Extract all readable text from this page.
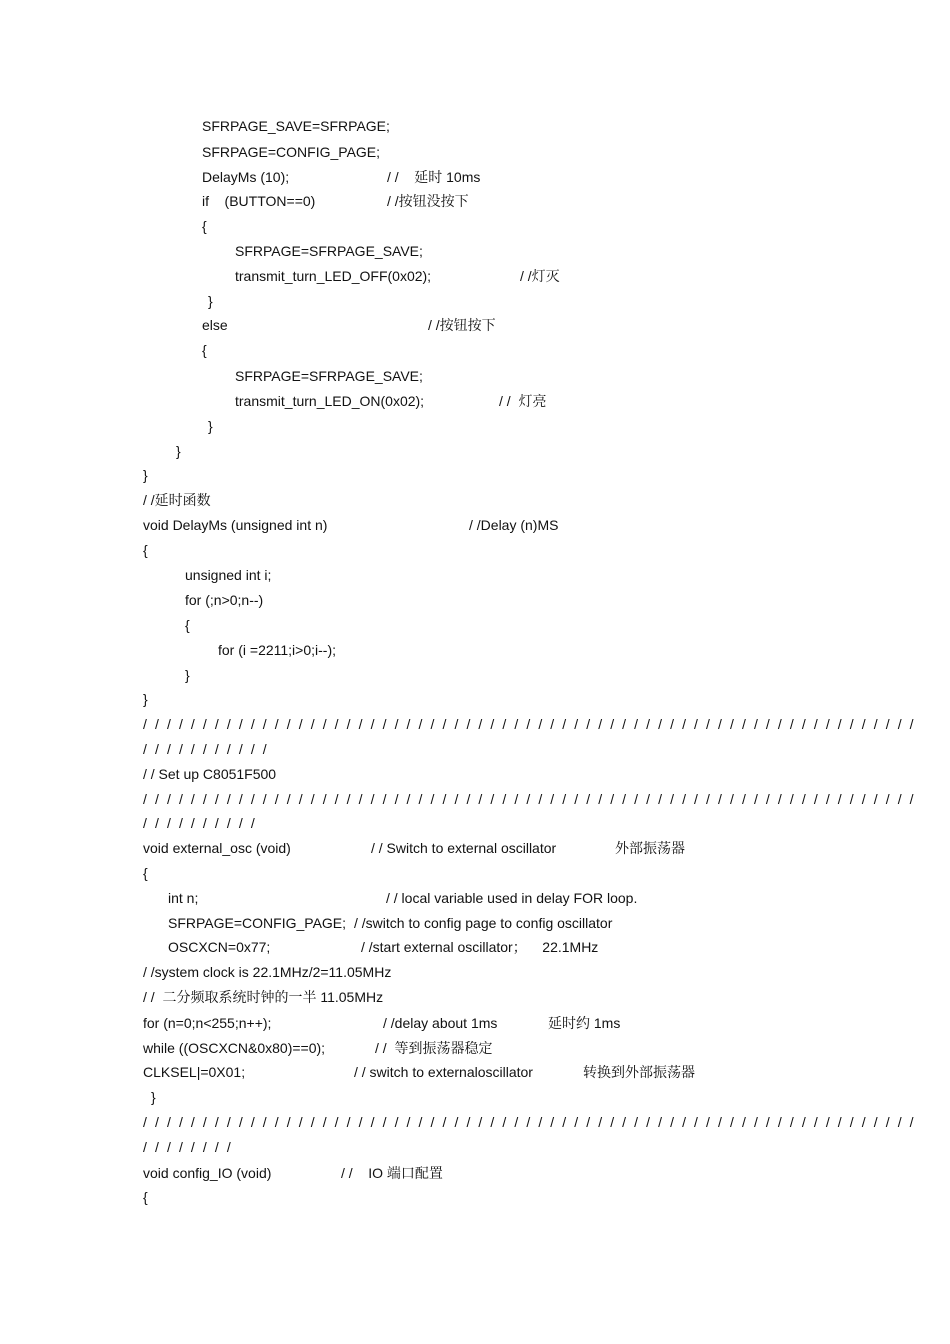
SFRPAGE_SAVE=SFRPAGE;
SFRPAGE=CONFIG_PAGE;
DelayMs (10);	/ /    延时 10ms
if    (BUTTON==0)	/ /按钮没按下
{
SFRPAGE=SFRPAGE_SAVE;
transmit_turn_LED_OFF(0x02);	/ /灯灭
}
else	/ /按钮按下
{
SFRPAGE=SFRPAGE_SAVE;
transmit_turn_LED_ON(0x02);	/ /  灯亮
}
}
}
/ /延时函数
void DelayMs (unsigned int n)	/ /Delay (n)MS
{
unsigned int i;
for (;n>0;n--)
{
for (i =2211;i>0;i--);
}
}
/ / / / / / / / / / / / / / / / / / / / / / / / / / / / / / / / / / / / / / / / / / / / / / / / / / / / / / / / / / / / / / / / /
/ / / / / / / / / / /
/ / Set up C8051F500
/ / / / / / / / / / / / / / / / / / / / / / / / / / / / / / / / / / / / / / / / / / / / / / / / / / / / / / / / / / / / / / / / /
/ / / / / / / / / /
void external_osc (void)	/ / Switch to external oscillator	外部振荡器
{
int n;	/ / local variable used in delay FOR loop.
SFRPAGE=CONFIG_PAGE; / /switch to config page to config oscillator
OSCXCN=0x77;	/ /start external oscillator；    22.1MHz
/ /system clock is 22.1MHz/2=11.05MHz
/ /  二分频取系统时钟的一半 11.05MHz
for (n=0;n<255;n++);	/ /delay about 1ms	延时约 1ms
while ((OSCXCN&0x80)==0);	/ /  等到振荡器稳定
CLKSEL|=0X01;	/ / switch to externaloscillator	转换到外部振荡器
}
/ / / / / / / / / / / / / / / / / / / / / / / / / / / / / / / / / / / / / / / / / / / / / / / / / / / / / / / / / / / / / / / / /
/ / / / / / / /
void config_IO (void)	/ /    IO 端口配置
{
